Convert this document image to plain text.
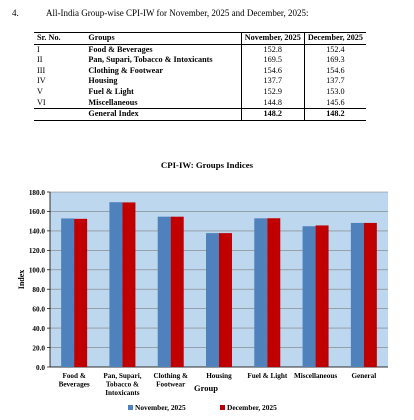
4.	All-India Group-wise CPI-IW for November, 2025 and December, 2025:
Sr. No.	Groups	November, 2025	December, 2025
I	Food & Beverages	152.8	152.4
II	Pan, Supari, Tobacco & Intoxicants	169.5	169.3
III	Clothing & Footwear	154.6	154.6
IV	Housing	137.7	137.7
V	Fuel & Light	152.9	153.0
VI	Miscellaneous	144.8	145.6
	General Index	148.2	148.2
CPI-IW: Groups Indices
0.0
20.0
40.0
60.0
80.0
100.0
120.0
140.0
160.0
180.0
Food & Beverages
Pan, Supari, Tobacco & Intoxicants
Clothing & Footwear
Housing Fuel & Light Miscellaneous General
Index
Group
November, 2025	December, 2025
